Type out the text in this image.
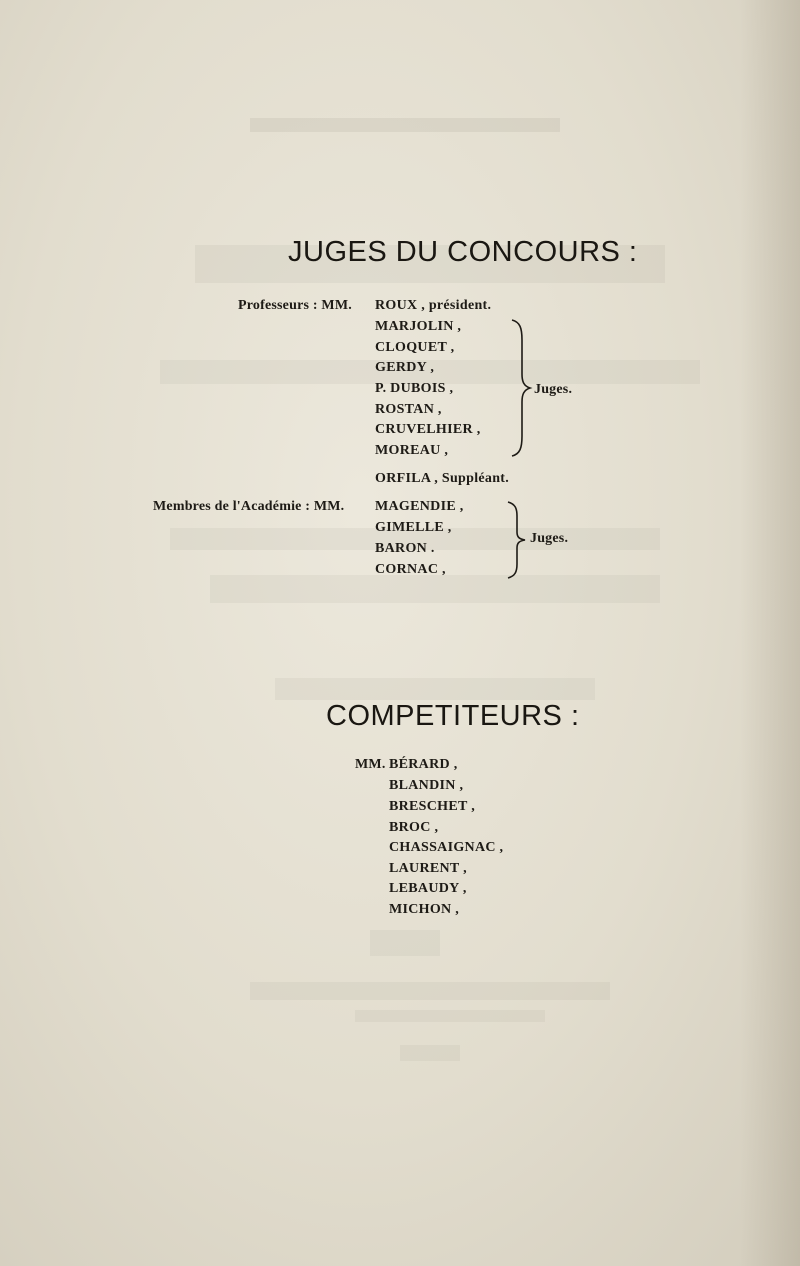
JUGES DU CONCOURS :
Professeurs : MM. ROUX , président.
MARJOLIN ,
CLOQUET ,
GERDY ,
P. DUBOIS ,
ROSTAN ,
CRUVELHIER ,
MOREAU ,
Juges.
ORFILA , Suppléant.
Membres de l'Académie : MM. MAGENDIE ,
GIMELLE ,
BARON .
CORNAC ,
Juges.
COMPETITEURS :
MM. BÉRARD ,
BLANDIN ,
BRESCHET ,
BROC ,
CHASSAIGNAC ,
LAURENT ,
LEBAUDY ,
MICHON ,
